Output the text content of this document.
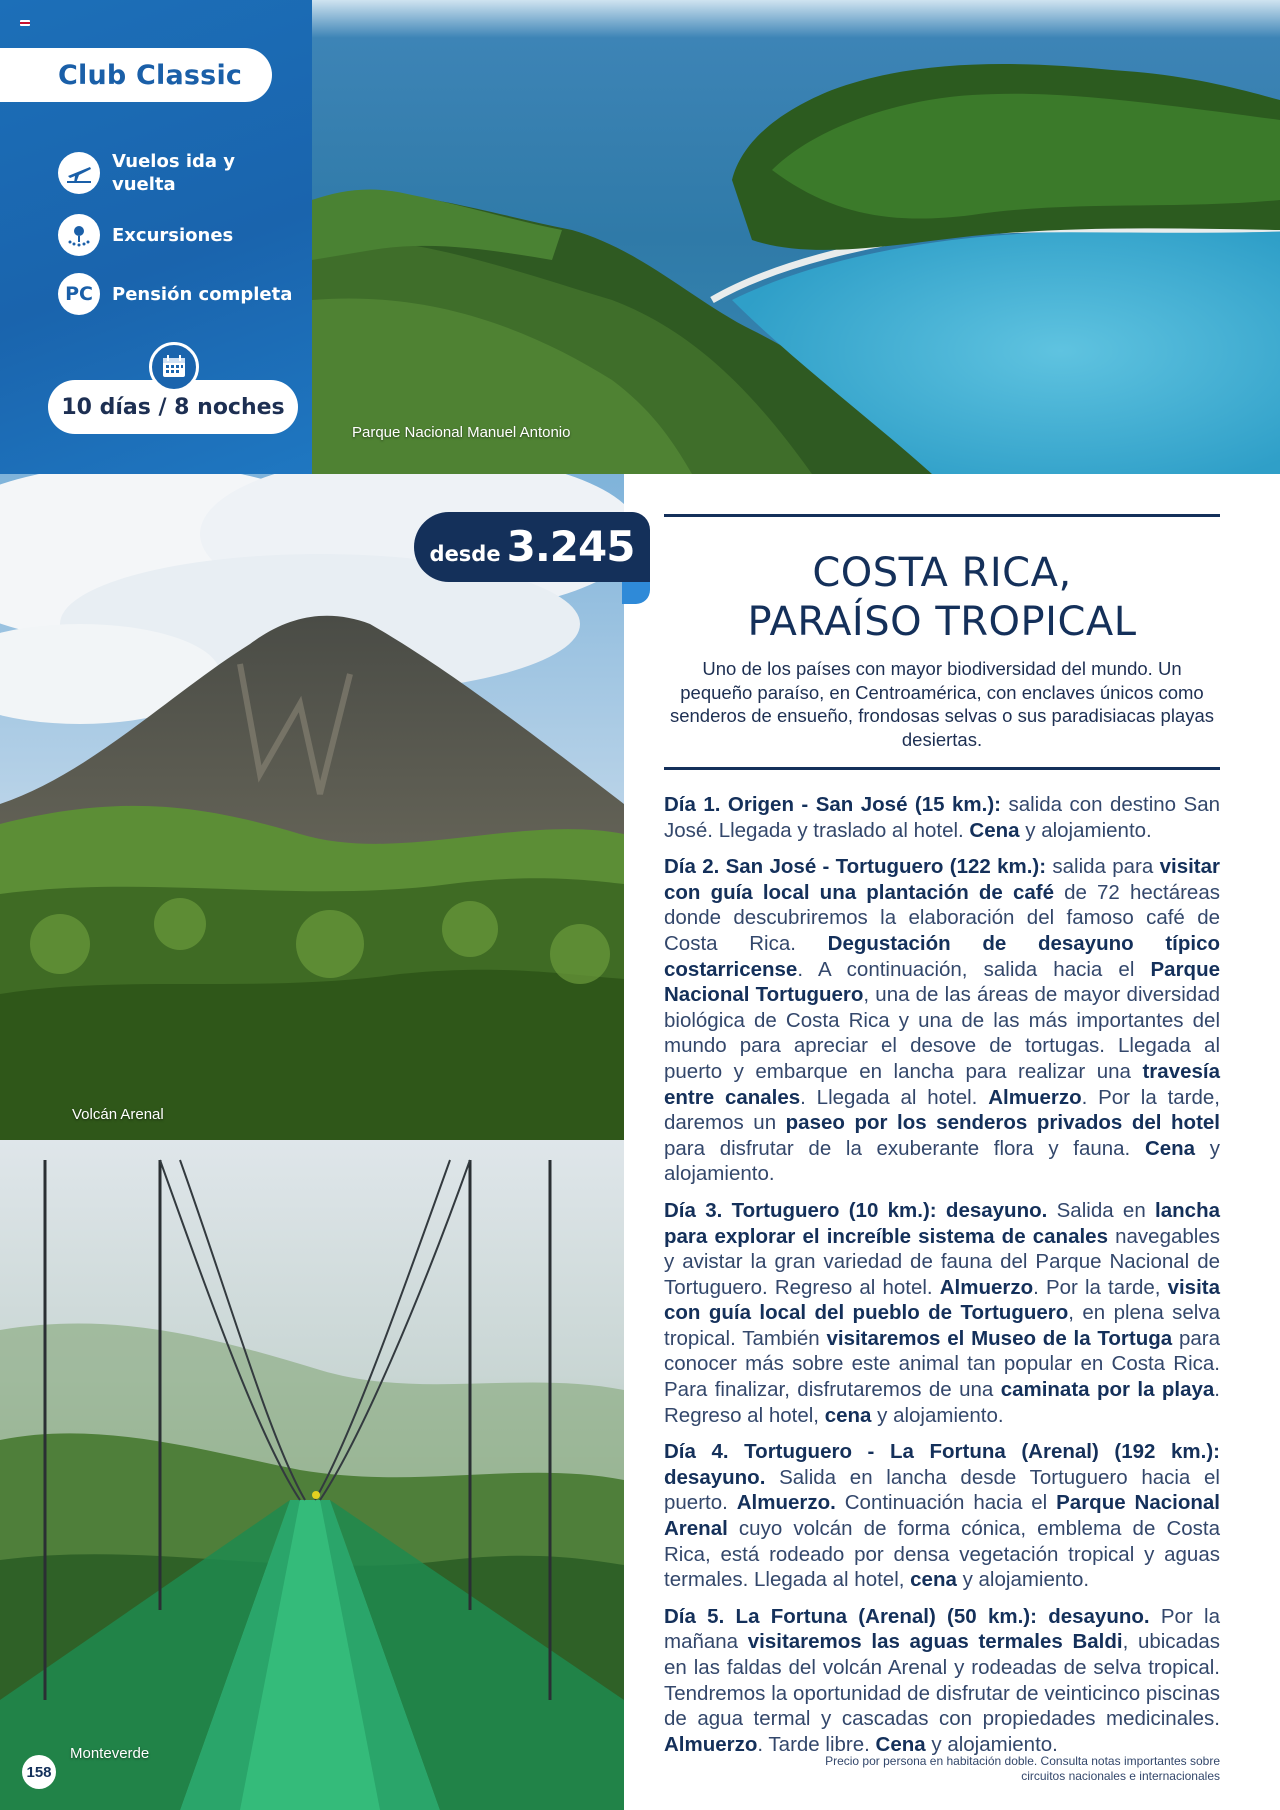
Parque Nacional Manuel Antonio
Club Classic
Vuelos ida y vuelta
Excursiones
PC Pensión completa
10 días / 8 noches
Volcán Arenal
Monteverde
desde 3.245
COSTA RICA,
PARAÍSO TROPICAL

Uno de los países con mayor biodiversidad del mundo. Un pequeño paraíso, en Centroamérica, con enclaves únicos como senderos de ensueño, frondosas selvas o sus paradisiacas playas desiertas.

Día 1. Origen - San José (15 km.): salida con destino San José. Llegada y traslado al hotel. Cena y alojamiento.

Día 2. San José - Tortuguero (122 km.): salida para visitar con guía local una plantación de café de 72 hectáreas donde descubriremos la elaboración del famoso café de Costa Rica. Degustación de desayuno típico costarricense. A continuación, salida hacia el Parque Nacional Tortuguero, una de las áreas de mayor diversidad biológica de Costa Rica y una de las más importantes del mundo para apreciar el desove de tortugas. Llegada al puerto y embarque en lancha para realizar una travesía entre canales. Llegada al hotel. Almuerzo. Por la tarde, daremos un paseo por los senderos privados del hotel para disfrutar de la exuberante flora y fauna. Cena y alojamiento.

Día 3. Tortuguero (10 km.): desayuno. Salida en lancha para explorar el increíble sistema de canales navegables y avistar la gran variedad de fauna del Parque Nacional de Tortuguero. Regreso al hotel. Almuerzo. Por la tarde, visita con guía local del pueblo de Tortuguero, en plena selva tropical. También visitaremos el Museo de la Tortuga para conocer más sobre este animal tan popular en Costa Rica. Para finalizar, disfrutaremos de una caminata por la playa. Regreso al hotel, cena y alojamiento.

Día 4. Tortuguero - La Fortuna (Arenal) (192 km.): desayuno. Salida en lancha desde Tortuguero hacia el puerto. Almuerzo. Continuación hacia el Parque Nacional Arenal cuyo volcán de forma cónica, emblema de Costa Rica, está rodeado por densa vegetación tropical y aguas termales. Llegada al hotel, cena y alojamiento.

Día 5. La Fortuna (Arenal) (50 km.): desayuno. Por la mañana visitaremos las aguas termales Baldi, ubicadas en las faldas del volcán Arenal y rodeadas de selva tropical. Tendremos la oportunidad de disfrutar de veinticinco piscinas de agua termal y cascadas con propiedades medicinales. Almuerzo. Tarde libre. Cena y alojamiento.

158
Precio por persona en habitación doble. Consulta notas importantes sobre
circuitos nacionales e internacionales
